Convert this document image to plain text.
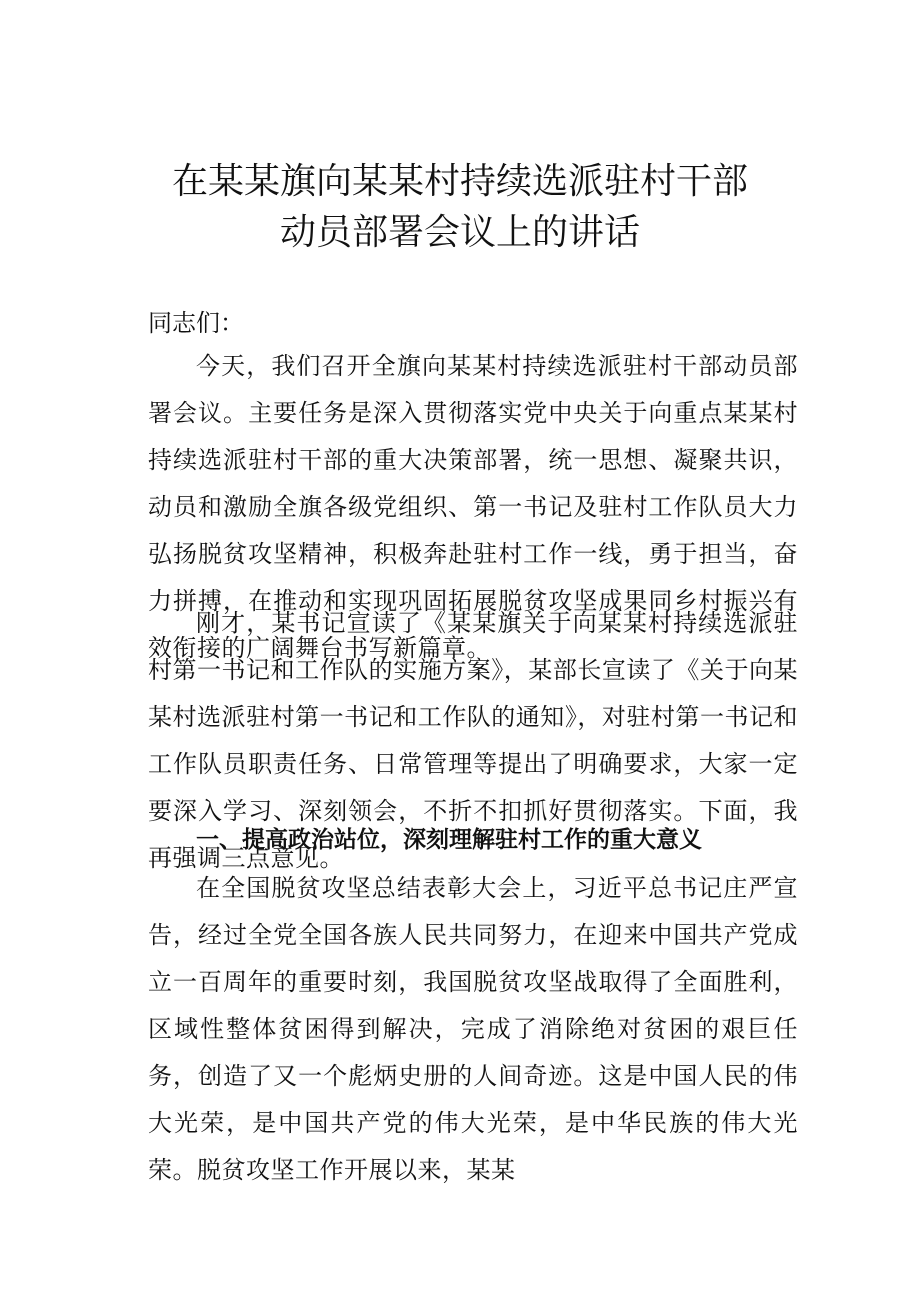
在某某旗向某某村持续选派驻村干部
动员部署会议上的讲话

同志们：

今天，我们召开全旗向某某村持续选派驻村干部动员部署会议。主要任务是深入贯彻落实党中央关于向重点某某村持续选派驻村干部的重大决策部署，统一思想、凝聚共识，动员和激励全旗各级党组织、第一书记及驻村工作队员大力弘扬脱贫攻坚精神，积极奔赴驻村工作一线，勇于担当，奋力拼搏，在推动和实现巩固拓展脱贫攻坚成果同乡村振兴有效衔接的广阔舞台书写新篇章。

刚才，某书记宣读了《某某旗关于向某某村持续选派驻村第一书记和工作队的实施方案》，某部长宣读了《关于向某某村选派驻村第一书记和工作队的通知》，对驻村第一书记和工作队员职责任务、日常管理等提出了明确要求，大家一定要深入学习、深刻领会，不折不扣抓好贯彻落实。下面，我再强调三点意见。

一、提高政治站位，深刻理解驻村工作的重大意义

在全国脱贫攻坚总结表彰大会上，习近平总书记庄严宣告，经过全党全国各族人民共同努力，在迎来中国共产党成立一百周年的重要时刻，我国脱贫攻坚战取得了全面胜利，区域性整体贫困得到解决，完成了消除绝对贫困的艰巨任务，创造了又一个彪炳史册的人间奇迹。这是中国人民的伟大光荣，是中国共产党的伟大光荣，是中华民族的伟大光荣。脱贫攻坚工作开展以来，某某
